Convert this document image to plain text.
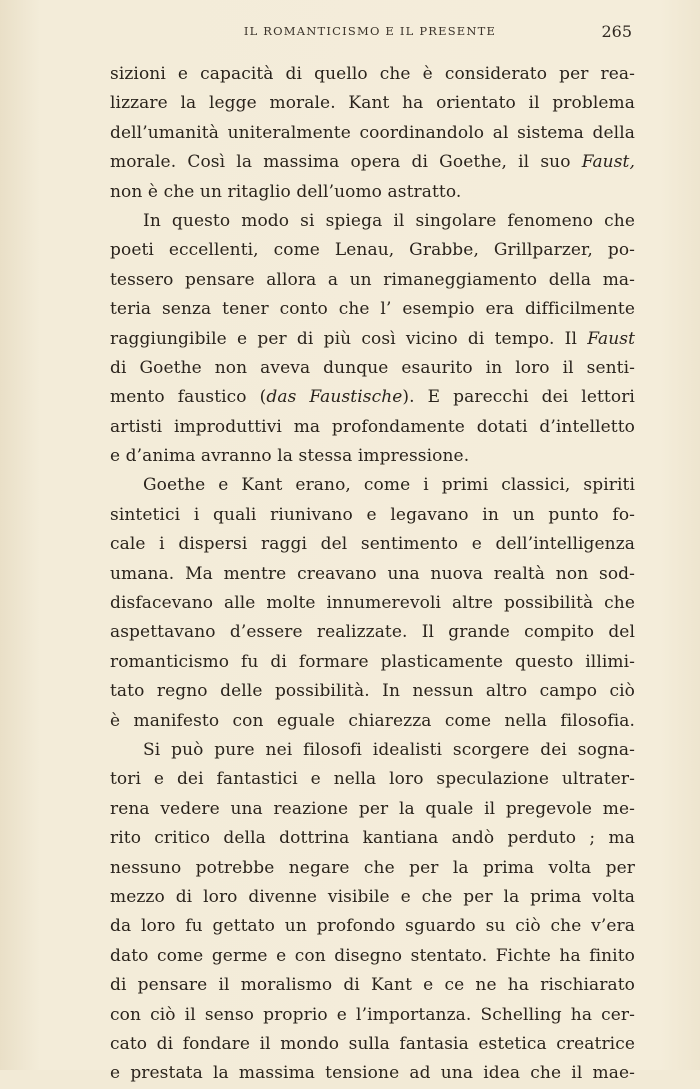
IL ROMANTICISMO E IL PRESENTE	265
sizioni e capacità di quello che è considerato per rea-
lizzare la legge morale. Kant ha orientato il problema
dell’umanità uniteralmente coordinandolo al sistema della
morale. Così la massima opera di Goethe, il suo Faust,
non è che un ritaglio dell’uomo astratto.
In questo modo si spiega il singolare fenomeno che
poeti eccellenti, come Lenau, Grabbe, Grillparzer, po-
tessero pensare allora a un rimaneggiamento della ma-
teria senza tener conto che l’ esempio era difficilmente
raggiungibile e per di più così vicino di tempo. Il Faust
di Goethe non aveva dunque esaurito in loro il senti-
mento faustico (das Faustische). E parecchi dei lettori
artisti improduttivi ma profondamente dotati d’intelletto
e d’anima avranno la stessa impressione.
Goethe e Kant erano, come i primi classici, spiriti
sintetici i quali riunivano e legavano in un punto fo-
cale i dispersi raggi del sentimento e dell’intelligenza
umana. Ma mentre creavano una nuova realtà non sod-
disfacevano alle molte innumerevoli altre possibilità che
aspettavano d’essere realizzate. Il grande compito del
romanticismo fu di formare plasticamente questo illimi-
tato regno delle possibilità. In nessun altro campo ciò
è manifesto con eguale chiarezza come nella filosofia.
Si può pure nei filosofi idealisti scorgere dei sogna-
tori e dei fantastici e nella loro speculazione ultrater-
rena vedere una reazione per la quale il pregevole me-
rito critico della dottrina kantiana andò perduto ; ma
nessuno potrebbe negare che per la prima volta per
mezzo di loro divenne visibile e che per la prima volta
da loro fu gettato un profondo sguardo su ciò che v’era
dato come germe e con disegno stentato. Fichte ha finito
di pensare il moralismo di Kant e ce ne ha rischiarato
con ciò il senso proprio e l’importanza. Schelling ha cer-
cato di fondare il mondo sulla fantasia estetica creatrice
e prestata la massima tensione ad una idea che il mae-
